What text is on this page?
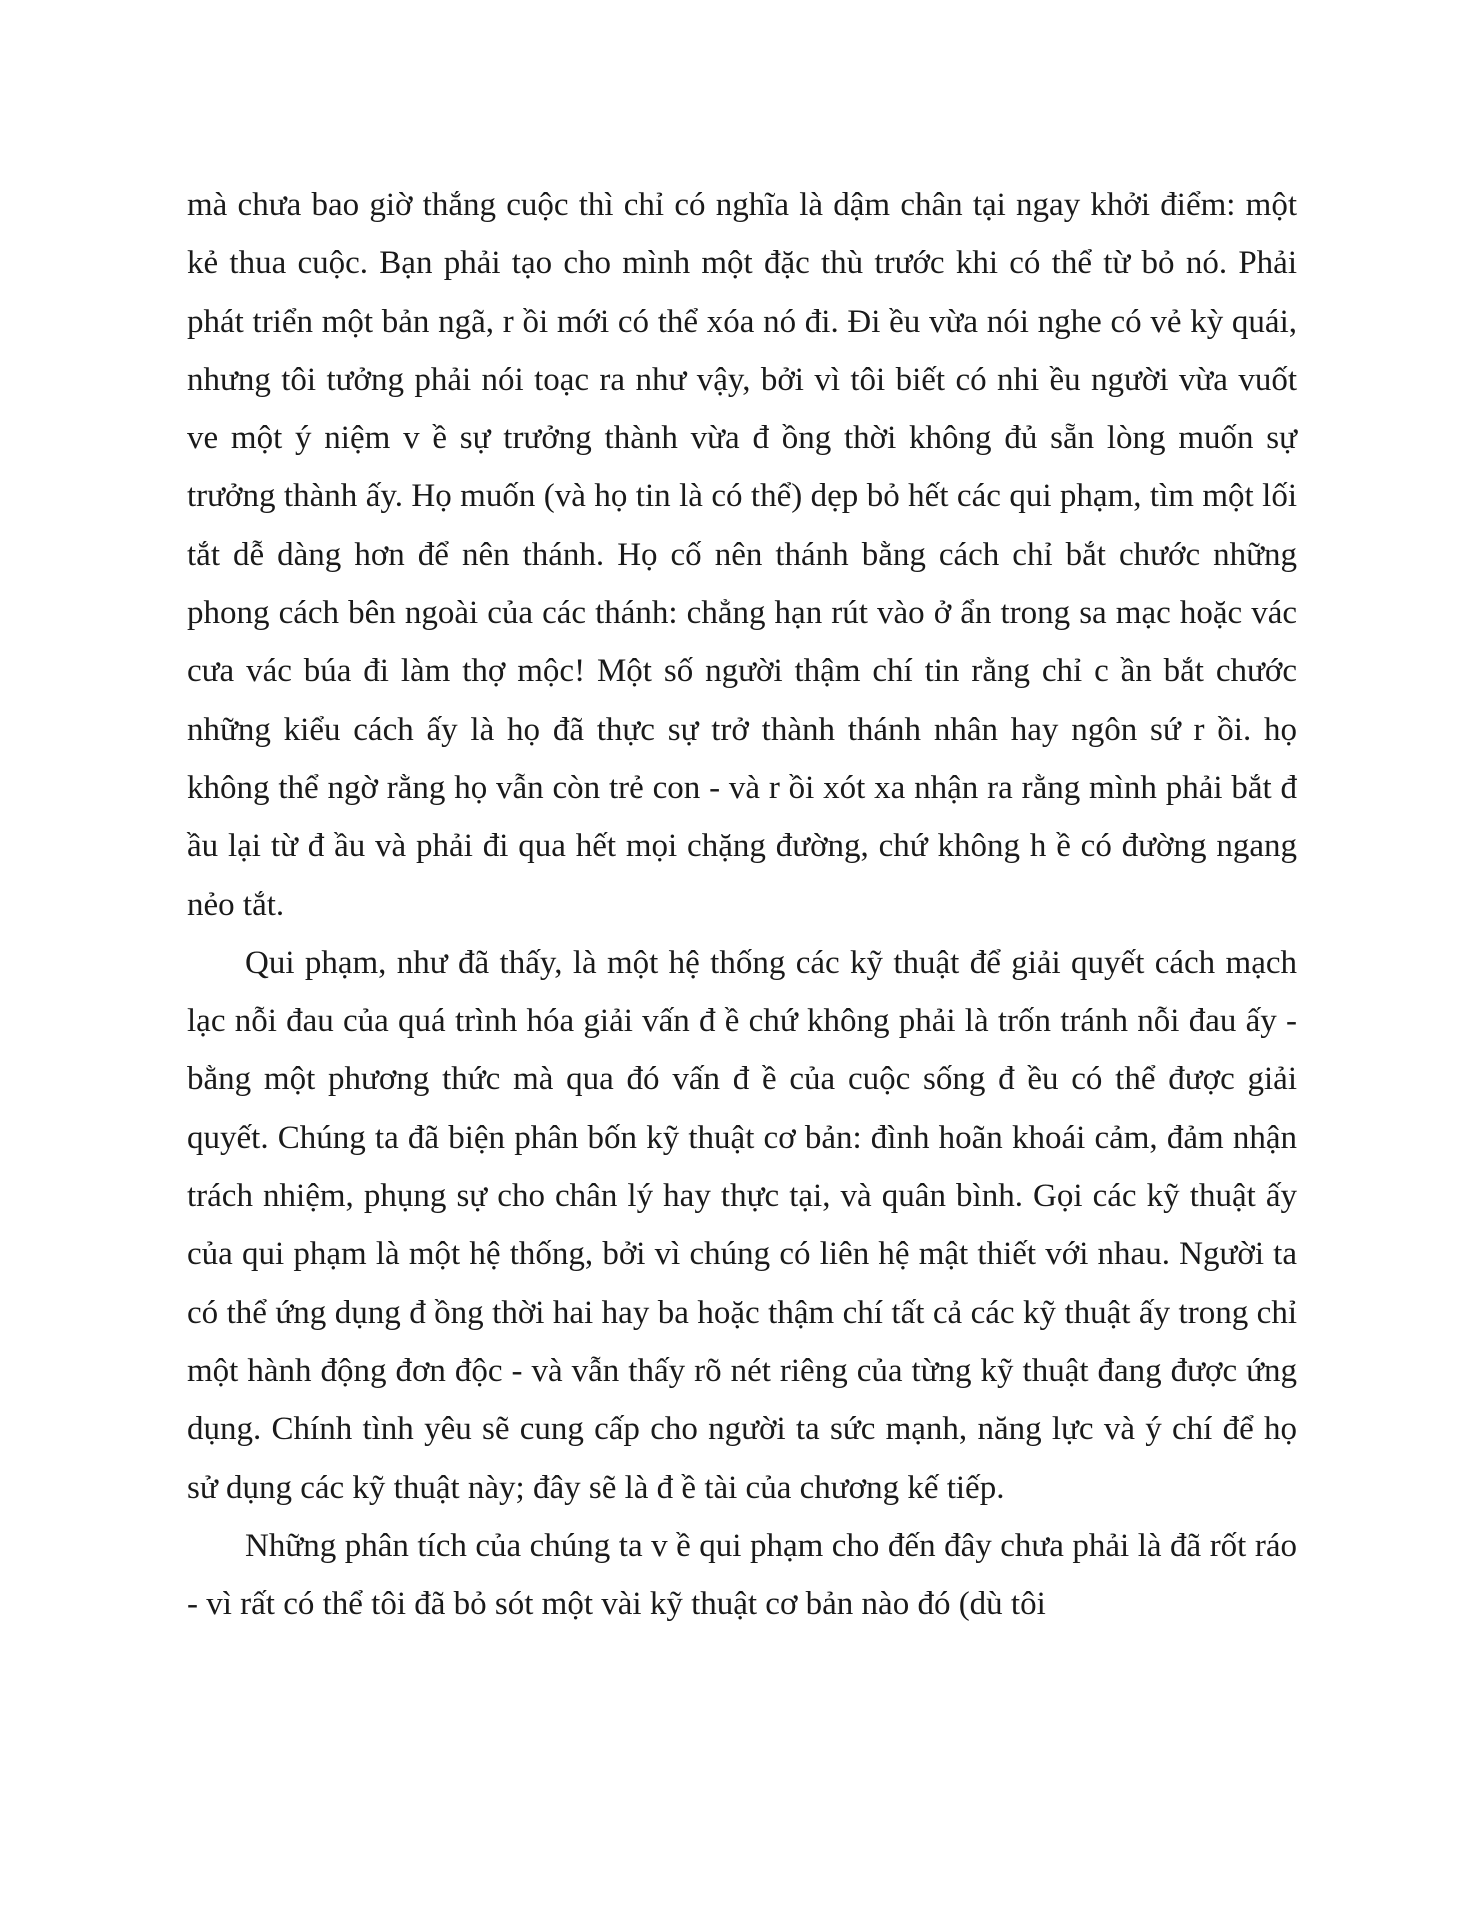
mà chưa bao giờ thắng cuộc thì chỉ có nghĩa là dậm chân tại ngay khởi điểm: một kẻ thua cuộc. Bạn phải tạo cho mình một đặc thù trước khi có thể từ bỏ nó. Phải phát triển một bản ngã, r ồi mới có thể xóa nó đi. Đi ều vừa nói nghe có vẻ kỳ quái, nhưng tôi tưởng phải nói toạc ra như vậy, bởi vì tôi biết có nhi ều người vừa vuốt ve một ý niệm v ề sự trưởng thành vừa đ ồng thời không đủ sẵn lòng muốn sự trưởng thành ấy. Họ muốn (và họ tin là có thể) dẹp bỏ hết các qui phạm, tìm một lối tắt dễ dàng hơn để nên thánh. Họ cố nên thánh bằng cách chỉ bắt chước những phong cách bên ngoài của các thánh: chẳng hạn rút vào ở ẩn trong sa mạc hoặc vác cưa vác búa đi làm thợ mộc! Một số người thậm chí tin rằng chỉ c ần bắt chước những kiểu cách ấy là họ đã thực sự trở thành thánh nhân hay ngôn sứ r ồi. họ không thể ngờ rằng họ vẫn còn trẻ con - và r ồi xót xa nhận ra rằng mình phải bắt đ ầu lại từ đ ầu và phải đi qua hết mọi chặng đường, chứ không h ề có đường ngang nẻo tắt.

Qui phạm, như đã thấy, là một hệ thống các kỹ thuật để giải quyết cách mạch lạc nỗi đau của quá trình hóa giải vấn đ ề chứ không phải là trốn tránh nỗi đau ấy - bằng một phương thức mà qua đó vấn đ ề của cuộc sống đ ều có thể được giải quyết. Chúng ta đã biện phân bốn kỹ thuật cơ bản: đình hoãn khoái cảm, đảm nhận trách nhiệm, phụng sự cho chân lý hay thực tại, và quân bình. Gọi các kỹ thuật ấy của qui phạm là một hệ thống, bởi vì chúng có liên hệ mật thiết với nhau. Người ta có thể ứng dụng đ ồng thời hai hay ba hoặc thậm chí tất cả các kỹ thuật ấy trong chỉ một hành động đơn độc - và vẫn thấy rõ nét riêng của từng kỹ thuật đang được ứng dụng. Chính tình yêu sẽ cung cấp cho người ta sức mạnh, năng lực và ý chí để họ sử dụng các kỹ thuật này; đây sẽ là đ ề tài của chương kế tiếp.

Những phân tích của chúng ta v ề qui phạm cho đến đây chưa phải là đã rốt ráo - vì rất có thể tôi đã bỏ sót một vài kỹ thuật cơ bản nào đó (dù tôi
